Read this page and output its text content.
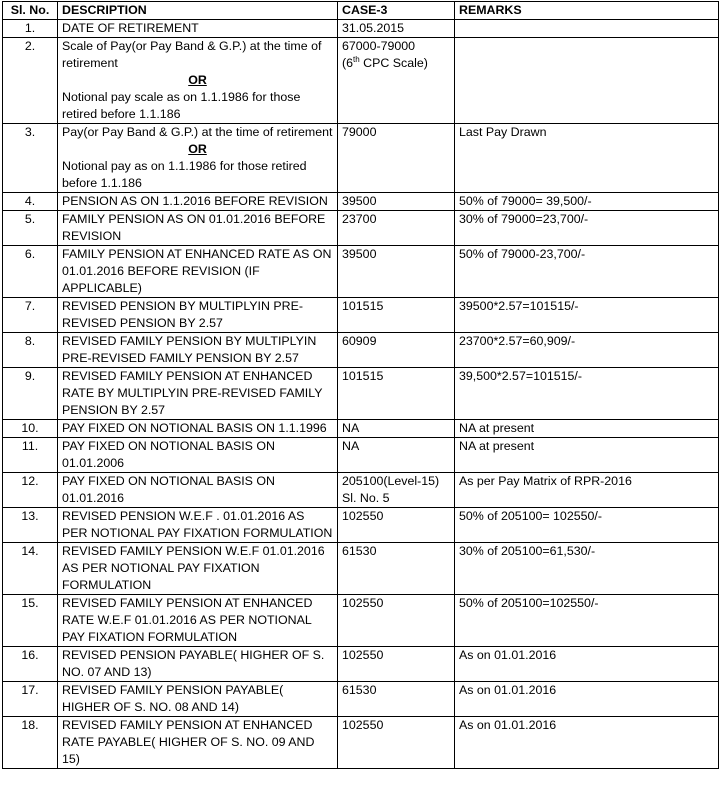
Sl. No.	DESCRIPTION	CASE-3	REMARKS
1.	DATE OF RETIREMENT	31.05.2015	
2.	Scale of Pay(or Pay Band & G.P.) at the time of retirement
OR
Notional pay scale as on 1.1.1986 for those retired before 1.1.186	67000-79000
(6th CPC Scale)	
3.	Pay(or Pay Band & G.P.) at the time of retirement
OR
Notional pay as on 1.1.1986 for those retired before 1.1.186	79000	Last Pay Drawn
4.	PENSION AS ON 1.1.2016 BEFORE REVISION	39500	50% of 79000= 39,500/-
5.	FAMILY PENSION AS ON 01.01.2016 BEFORE REVISION	23700	30% of 79000=23,700/-
6.	FAMILY PENSION AT ENHANCED RATE AS ON 01.01.2016 BEFORE REVISION (IF APPLICABLE)	39500	50% of 79000-23,700/-
7.	REVISED PENSION BY MULTIPLYIN PRE-REVISED PENSION BY 2.57	101515	39500*2.57=101515/-
8.	REVISED FAMILY PENSION BY MULTIPLYIN PRE-REVISED FAMILY PENSION BY 2.57	60909	23700*2.57=60,909/-
9.	REVISED FAMILY PENSION AT ENHANCED RATE BY MULTIPLYIN PRE-REVISED FAMILY PENSION BY 2.57	101515	39,500*2.57=101515/-
10.	PAY FIXED ON NOTIONAL BASIS ON 1.1.1996	NA	NA at present
11.	PAY FIXED ON NOTIONAL BASIS ON 01.01.2006	NA	NA at present
12.	PAY FIXED ON NOTIONAL BASIS ON 01.01.2016	205100(Level-15)
Sl. No. 5	As per Pay Matrix of RPR-2016
13.	REVISED PENSION W.E.F . 01.01.2016 AS PER NOTIONAL PAY FIXATION FORMULATION	102550	50% of 205100= 102550/-
14.	REVISED FAMILY PENSION W.E.F 01.01.2016 AS PER NOTIONAL PAY FIXATION FORMULATION	61530	30% of 205100=61,530/-
15.	REVISED FAMILY PENSION AT ENHANCED RATE W.E.F 01.01.2016 AS PER NOTIONAL PAY FIXATION FORMULATION	102550	50% of 205100=102550/-
16.	REVISED PENSION PAYABLE( HIGHER OF S. NO. 07 AND 13)	102550	As on 01.01.2016
17.	REVISED FAMILY PENSION PAYABLE( HIGHER OF S. NO. 08 AND 14)	61530	As on 01.01.2016
18.	REVISED FAMILY PENSION AT ENHANCED RATE PAYABLE( HIGHER OF S. NO. 09 AND 15)	102550	As on 01.01.2016
